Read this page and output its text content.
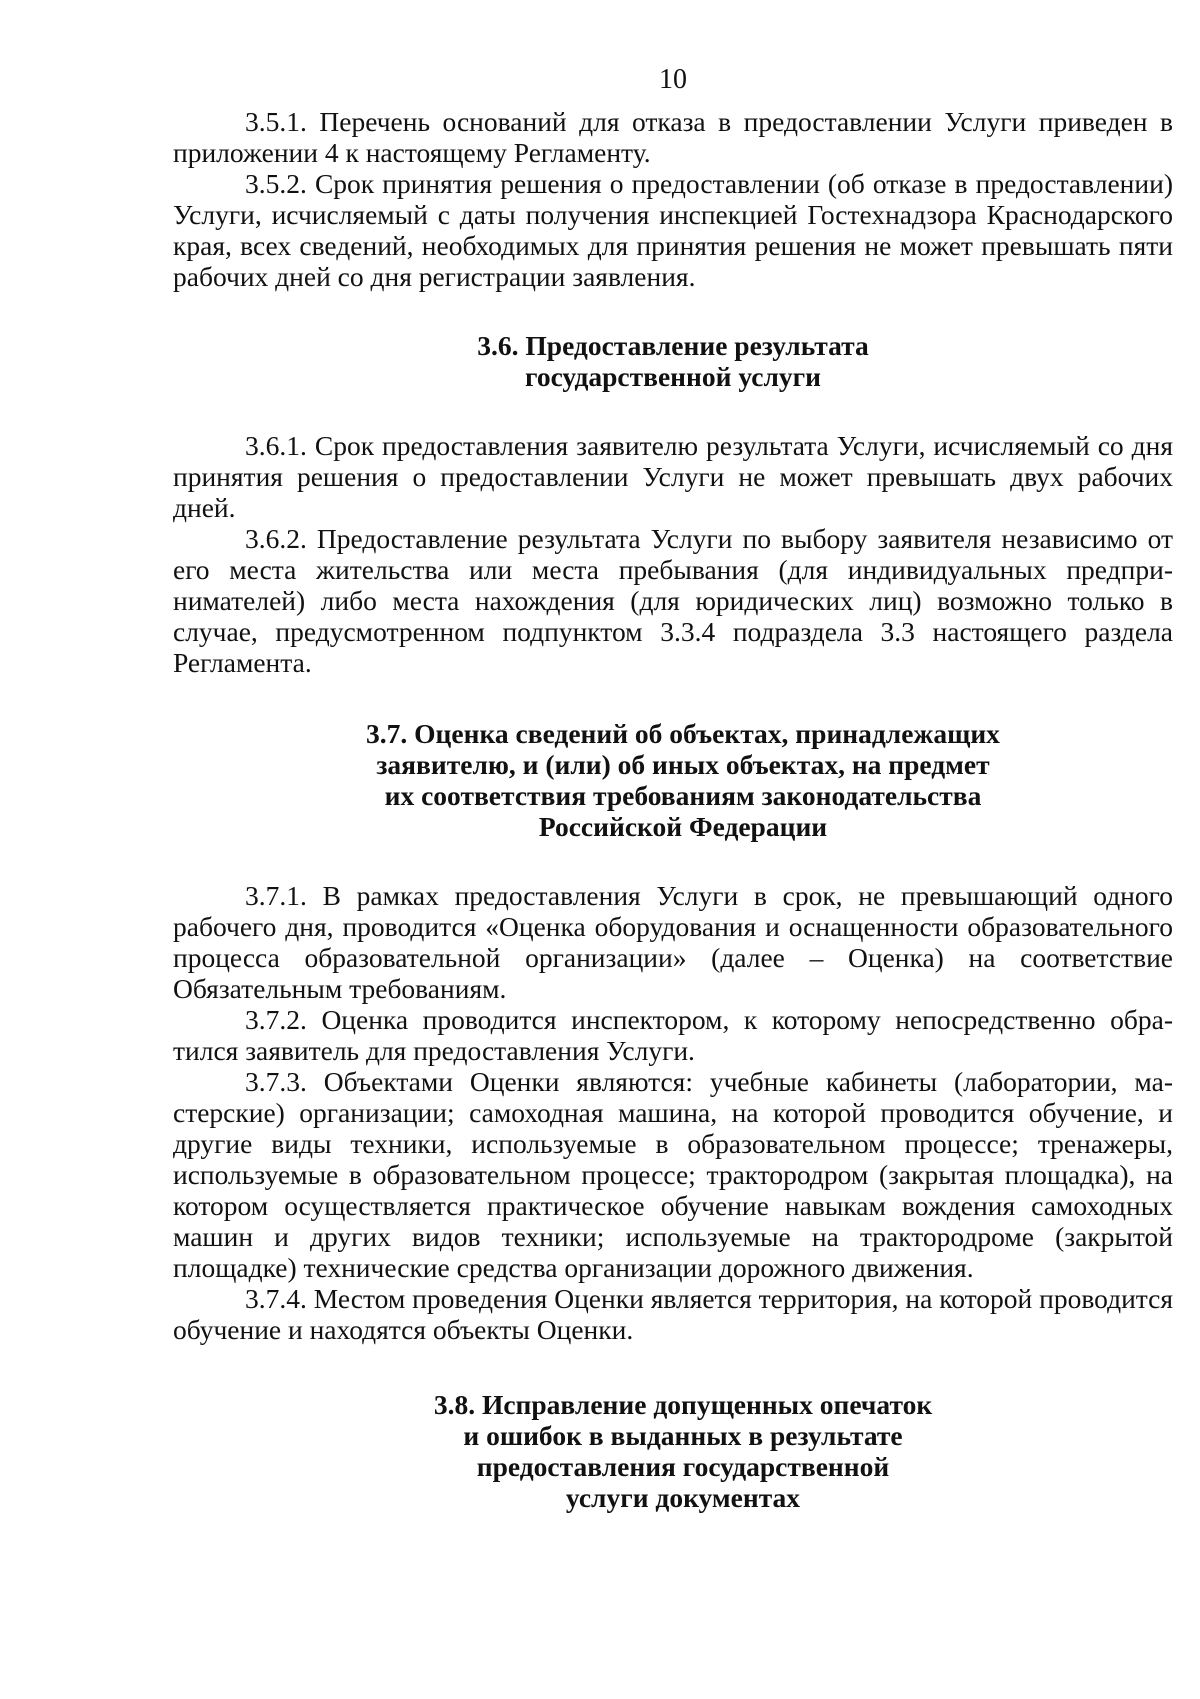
10

3.5.1. Перечень оснований для отказа в предоставлении Услуги приведен в приложении 4 к настоящему Регламенту.

3.5.2. Срок принятия решения о предоставлении (об отказе в предоставлении) Услуги, исчисляемый с даты получения инспекцией Гостехнадзора Краснодарского края, всех сведений, необходимых для принятия решения не может превышать пяти рабочих дней со дня регистрации заявления.

3.6. Предоставление результата
государственной услуги

3.6.1. Срок предоставления заявителю результата Услуги, исчисляемый со дня принятия решения о предоставлении Услуги не может превышать двух рабочих дней.

3.6.2. Предоставление результата Услуги по выбору заявителя независимо от его места жительства или места пребывания (для индивидуальных предпринимателей) либо места нахождения (для юридических лиц) возможно только в случае, предусмотренном подпунктом 3.3.4 подраздела 3.3 настоящего раздела Регламента.

3.7. Оценка сведений об объектах, принадлежащих
заявителю, и (или) об иных объектах, на предмет
их соответствия требованиям законодательства
Российской Федерации

3.7.1. В рамках предоставления Услуги в срок, не превышающий одного рабочего дня, проводится «Оценка оборудования и оснащенности образовательного процесса образовательной организации» (далее – Оценка) на соответствие Обязательным требованиям.

3.7.2. Оценка проводится инспектором, к которому непосредственно обратился заявитель для предоставления Услуги.

3.7.3. Объектами Оценки являются: учебные кабинеты (лаборатории, мастерские) организации; самоходная машина, на которой проводится обучение, и другие виды техники, используемые в образовательном процессе; тренажеры, используемые в образовательном процессе; трактородром (закрытая площадка), на котором осуществляется практическое обучение навыкам вождения самоходных машин и других видов техники; используемые на трактородроме (закрытой площадке) технические средства организации дорожного движения.

3.7.4. Местом проведения Оценки является территория, на которой проводится обучение и находятся объекты Оценки.

3.8. Исправление допущенных опечаток
и ошибок в выданных в результате
предоставления государственной
услуги документах
